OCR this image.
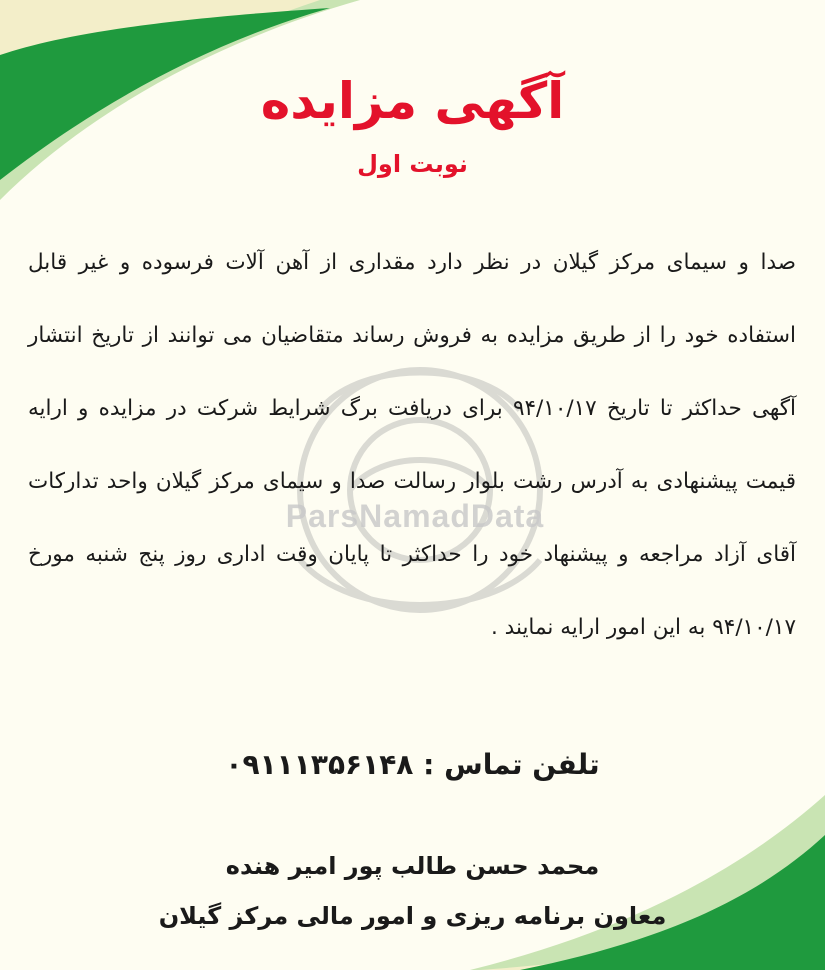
ParsNamadData
آگهی مزایده
نوبت اول

صدا و سیمای مرکز گیلان در نظر دارد مقداری از آهن آلات فرسوده و غیر قابل استفاده خود را از طریق مزایده به فروش رساند متقاضیان می توانند از تاریخ انتشار آگهی حداکثر تا تاریخ ۹۴/۱۰/۱۷ برای دریافت برگ شرایط شرکت در مزایده و ارایه قیمت پیشنهادی به آدرس رشت بلوار رسالت صدا و سیمای مرکز گیلان واحد تدارکات آقای آزاد مراجعه و پیشنهاد خود را حداکثر تا پایان وقت اداری روز پنج شنبه مورخ ۹۴/۱۰/۱۷ به این امور ارایه نمایند .

تلفن تماس : ۰۹۱۱۱۳۵۶۱۴۸
محمد حسن طالب پور امیر هنده
معاون برنامه ریزی و امور مالی مرکز گیلان
